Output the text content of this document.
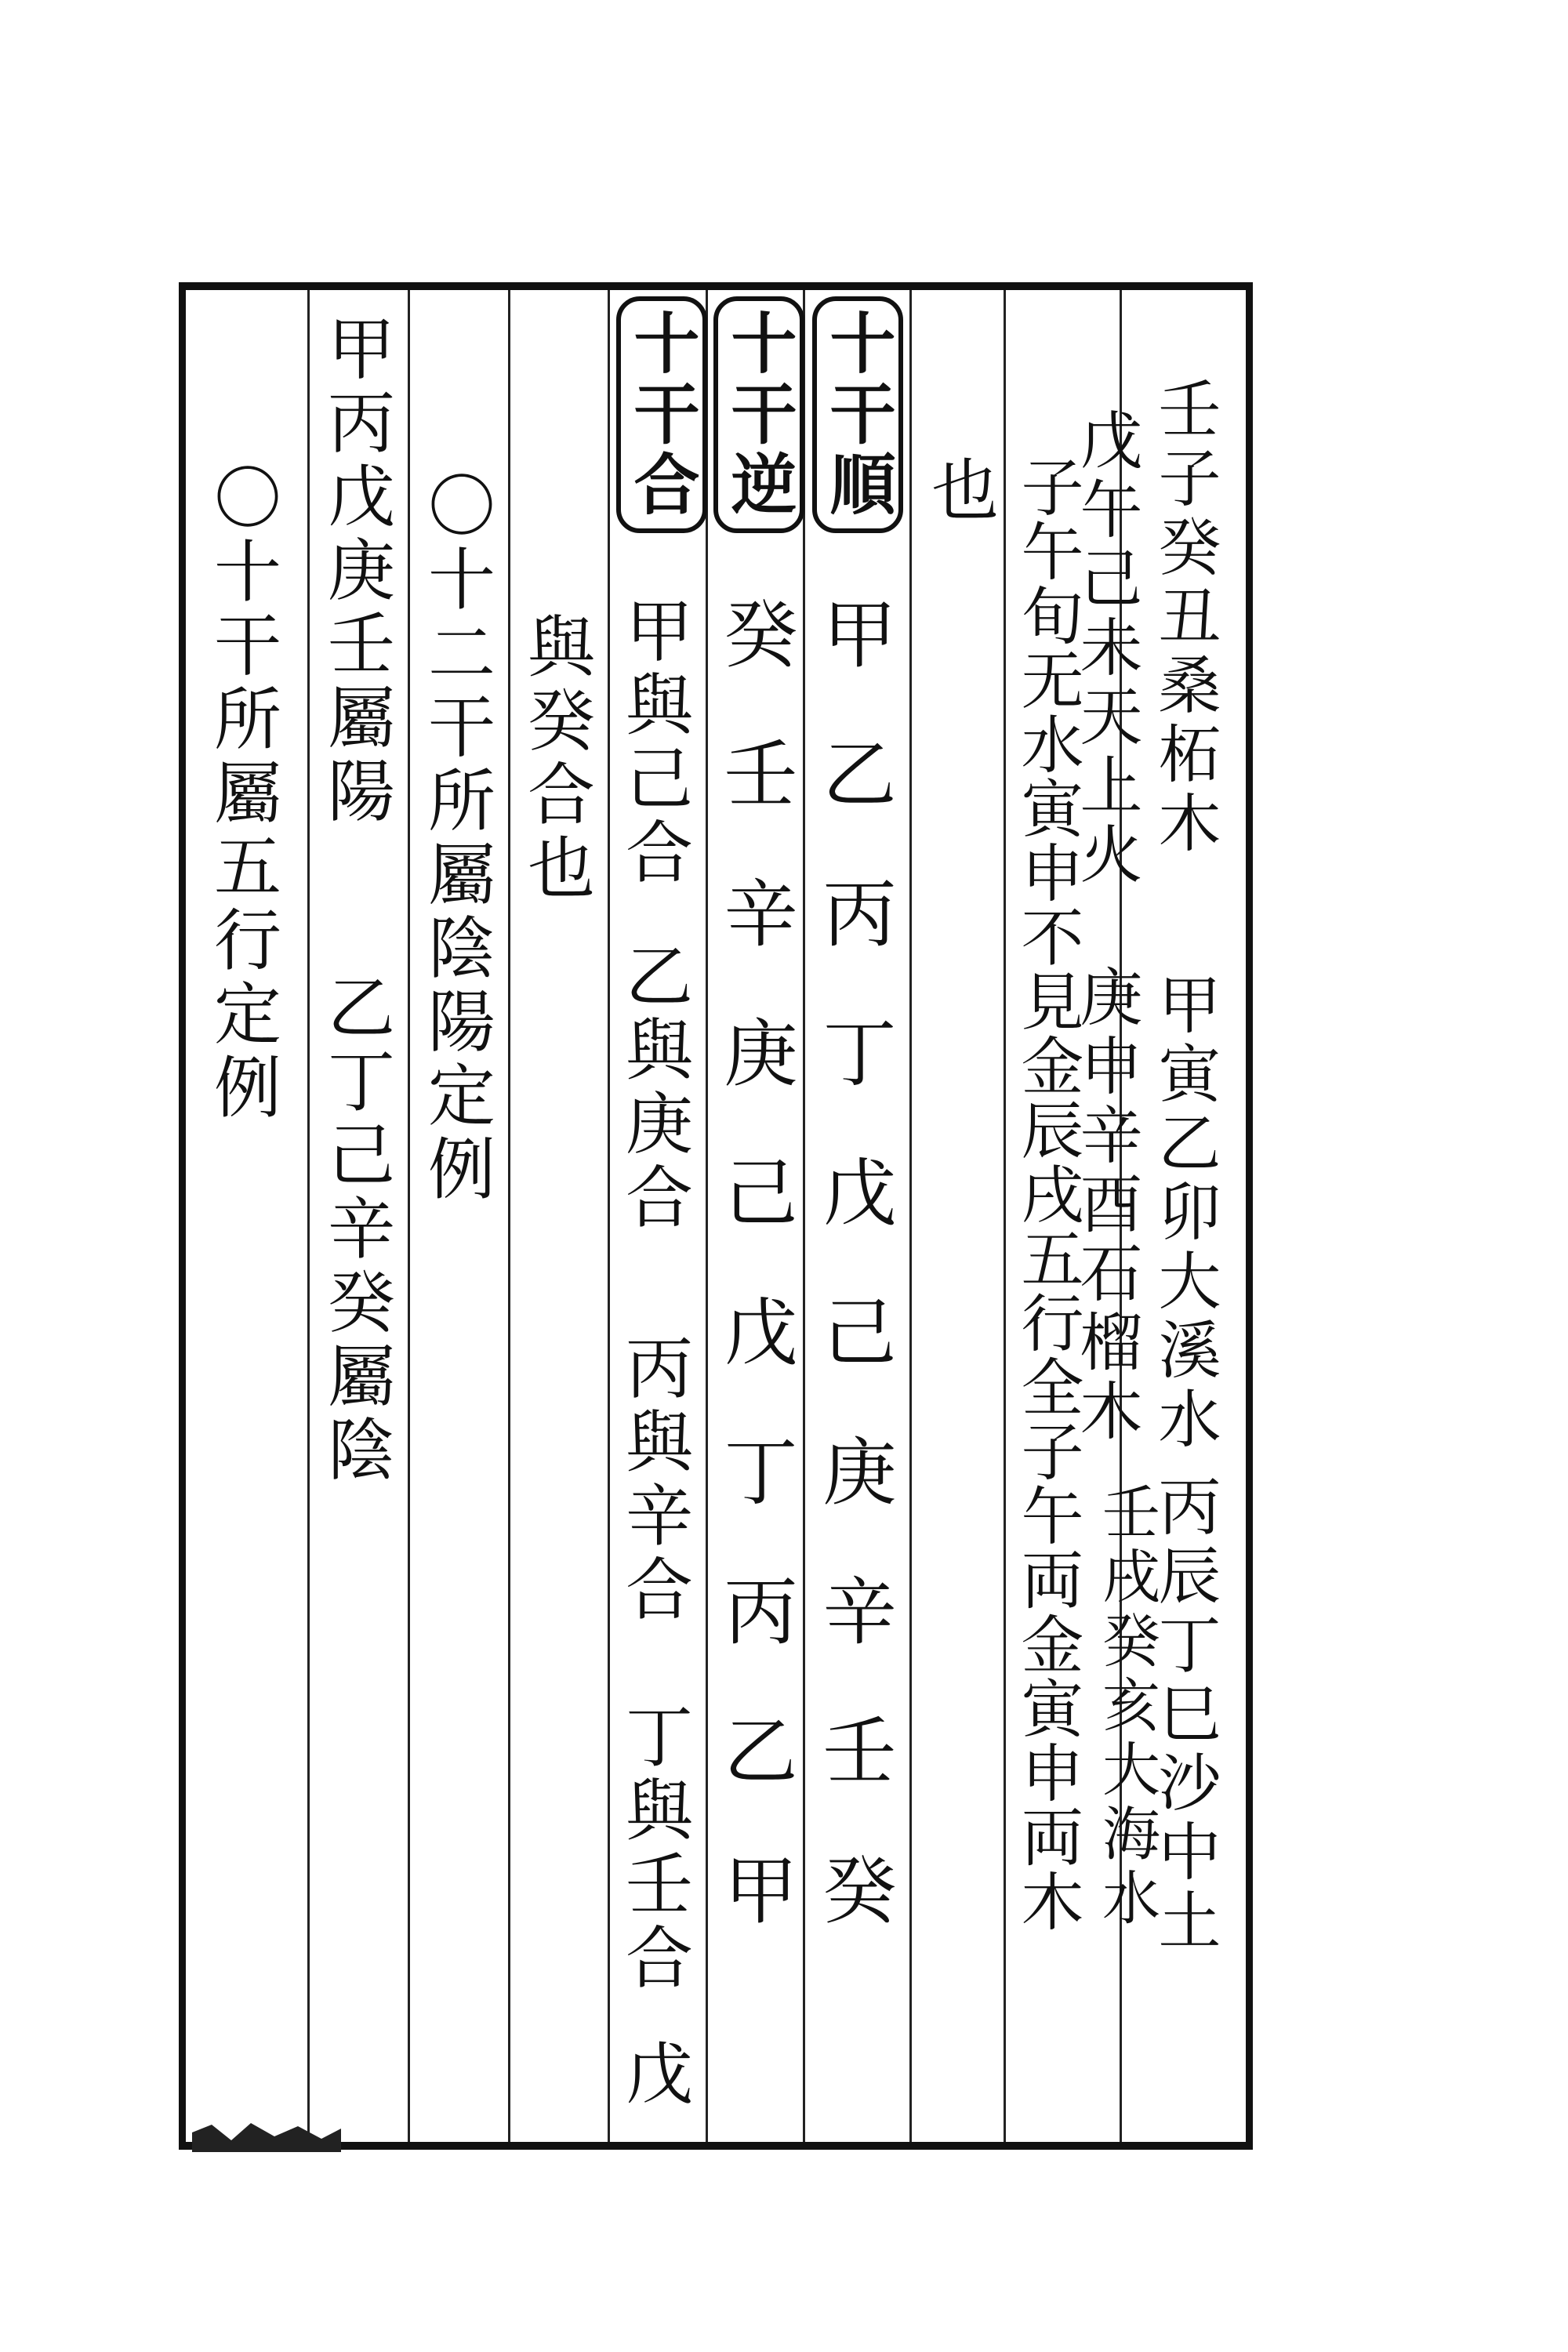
壬子癸丑桑柘木
甲寅乙卯大溪水
丙辰丁巳沙中土
壬戌癸亥大海水
戊午己未天上火
庚申辛酉石榴木
子午旬无水寅申不見金辰戌五行全子午両金寅申両木
也
十干順
十干逆
十干合
甲乙丙丁戊己庚辛壬癸
癸壬辛庚己戊丁丙乙甲
甲與己合
乙與庚合
丙與辛合
丁與壬合
戊
與癸合也
〇十二干所屬陰陽定例
甲丙戊庚壬屬陽
乙丁己辛癸屬陰
〇十干所屬五行定例
